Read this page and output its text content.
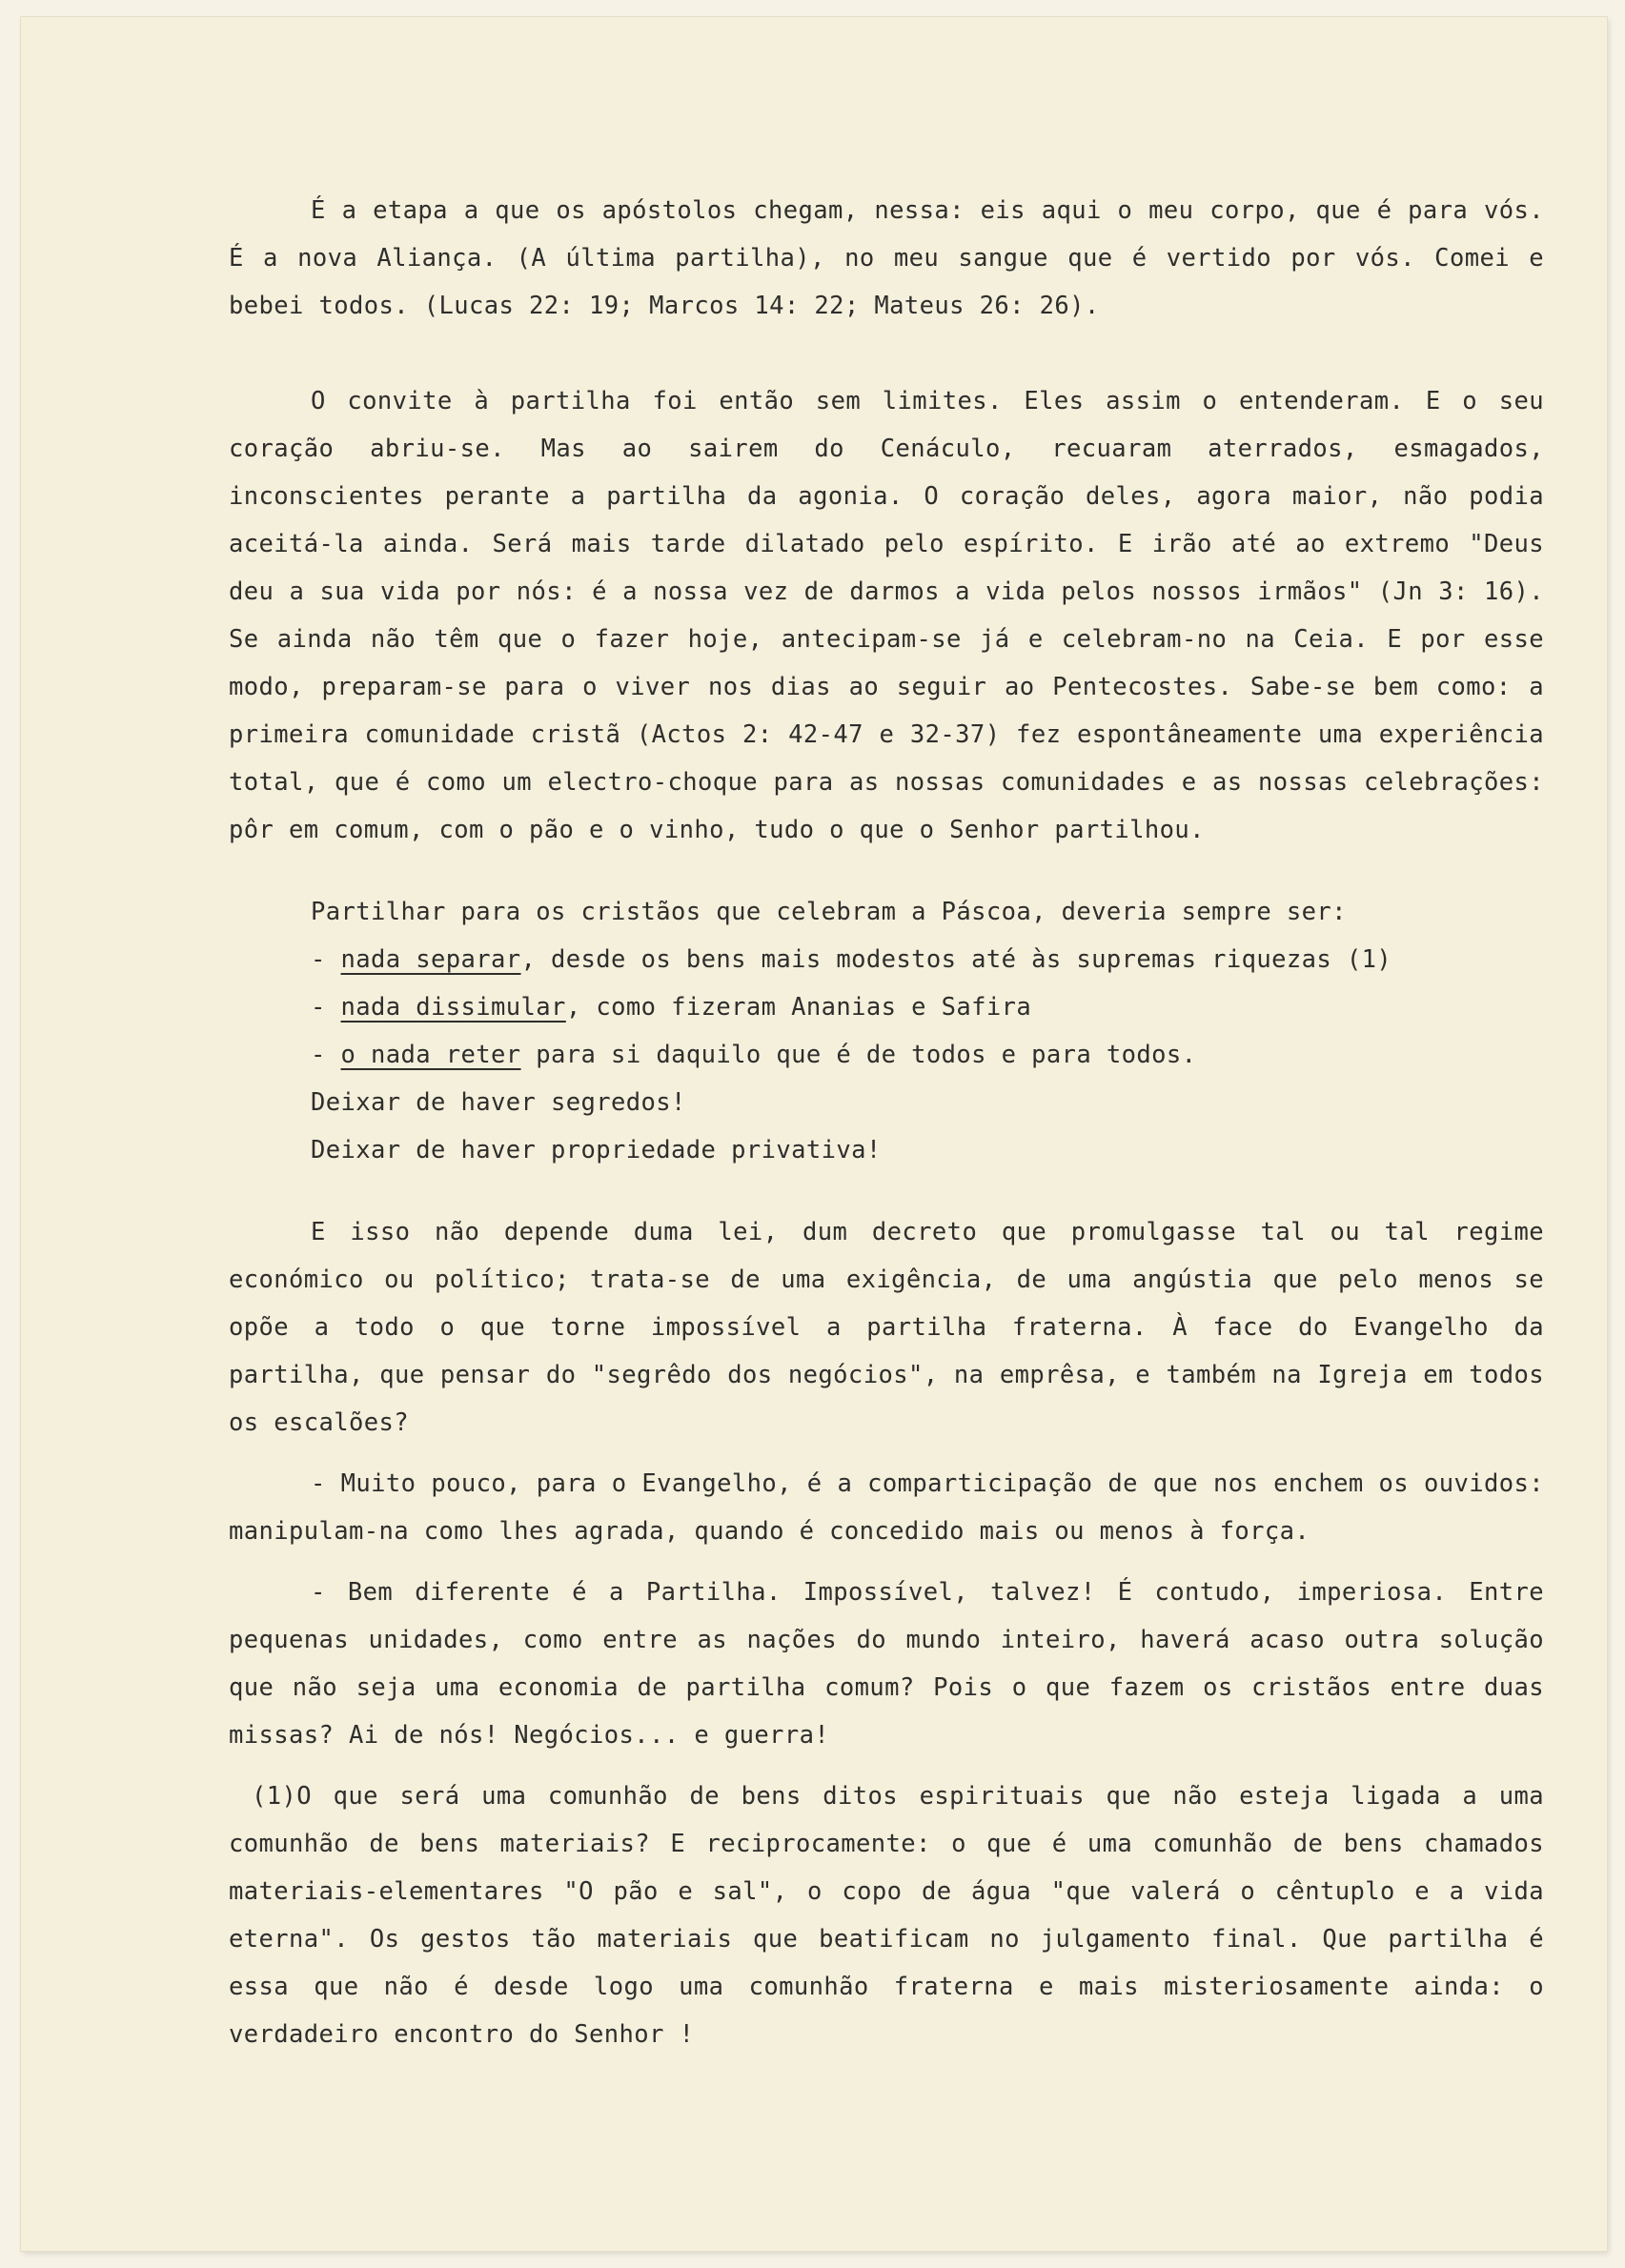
É a etapa a que os apóstolos chegam, nessa: eis aqui o meu corpo, que é para vós. É a nova Aliança. (A última partilha), no meu sangue que é vertido por vós. Comei e bebei todos. (Lucas 22: 19; Marcos 14: 22; Mateus 26: 26).

O convite à partilha foi então sem limites. Eles assim o entenderam. E o seu coração abriu-se. Mas ao sairem do Cenáculo, recuaram aterrados, esmagados, inconscientes perante a partilha da agonia. O coração deles, agora maior, não podia aceitá-la ainda. Será mais tarde dilatado pelo espírito. E irão até ao extremo "Deus deu a sua vida por nós: é a nossa vez de darmos a vida pelos nossos irmãos" (Jn 3: 16). Se ainda não têm que o fazer hoje, antecipam-se já e celebram-no na Ceia. E por esse modo, preparam-se para o viver nos dias ao seguir ao Pentecostes. Sabe-se bem como: a primeira comunidade cristã (Actos 2: 42-47 e 32-37) fez espontâneamente uma experiência total, que é como um electro-choque para as nossas comunidades e as nossas celebrações: pôr em comum, com o pão e o vinho, tudo o que o Senhor partilhou.

Partilhar para os cristãos que celebram a Páscoa, deveria sempre ser:
- nada separar, desde os bens mais modestos até às supremas riquezas (1)
- nada dissimular, como fizeram Ananias e Safira
- o nada reter para si daquilo que é de todos e para todos.
Deixar de haver segredos!
Deixar de haver propriedade privativa!

E isso não depende duma lei, dum decreto que promulgasse tal ou tal regime económico ou político; trata-se de uma exigência, de uma angústia que pelo menos se opõe a todo o que torne impossível a partilha fraterna. À face do Evangelho da partilha, que pensar do "segrêdo dos negócios", na emprêsa, e também na Igreja em todos os escalões?

- Muito pouco, para o Evangelho, é a comparticipação de que nos enchem os ouvidos: manipulam-na como lhes agrada, quando é concedido mais ou menos à força.

- Bem diferente é a Partilha. Impossível, talvez! É contudo, imperiosa. Entre pequenas unidades, como entre as nações do mundo inteiro, haverá acaso outra solução que não seja uma economia de partilha comum? Pois o que fazem os cristãos entre duas missas? Ai de nós! Negócios... e guerra!

(1)O que será uma comunhão de bens ditos espirituais que não esteja ligada a uma comunhão de bens materiais? E reciprocamente: o que é uma comunhão de bens chamados materiais-elementares "O pão e sal", o copo de água "que valerá o cêntuplo e a vida eterna". Os gestos tão materiais que beatificam no julgamento final. Que partilha é essa que não é desde logo uma comunhão fraterna e mais misteriosamente ainda: o verdadeiro encontro do Senhor !
